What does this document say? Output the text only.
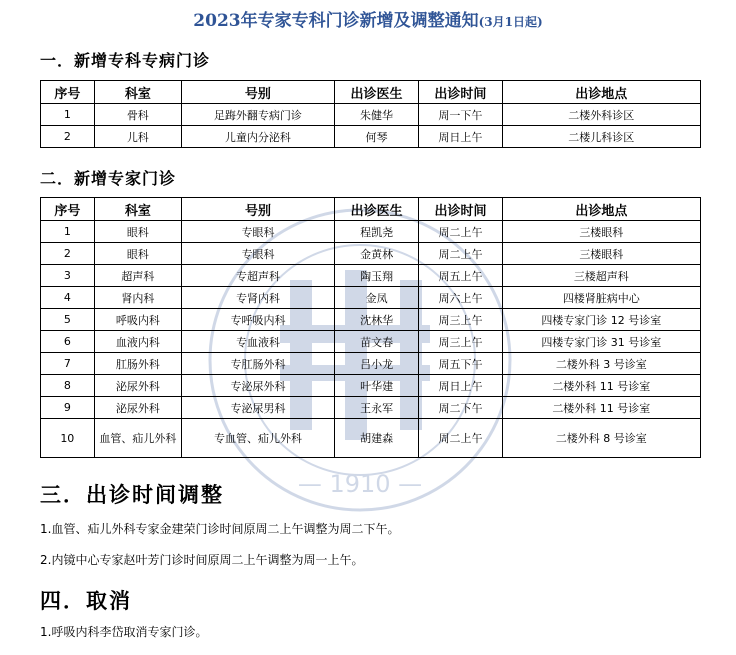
— 1910 —
2023年专家专科门诊新增及调整通知(3月1日起)
一．新增专科专病门诊
序号	科室	号别	出诊医生	出诊时间	出诊地点
1	骨科	足踇外翻专病门诊	朱健华	周一下午	二楼外科诊区
2	儿科	儿童内分泌科	何琴	周日上午	二楼儿科诊区
二．新增专家门诊
序号	科室	号别	出诊医生	出诊时间	出诊地点
1	眼科	专眼科	程凯尧	周二上午	三楼眼科
2	眼科	专眼科	金黄林	周二上午	三楼眼科
3	超声科	专超声科	陶玉翔	周五上午	三楼超声科
4	肾内科	专肾内科	金凤	周六上午	四楼肾脏病中心
5	呼吸内科	专呼吸内科	沈林华	周三上午	四楼专家门诊 12 号诊室
6	血液内科	专血液科	苗文春	周三上午	四楼专家门诊 31 号诊室
7	肛肠外科	专肛肠外科	吕小龙	周五下午	二楼外科 3 号诊室
8	泌尿外科	专泌尿外科	叶华建	周日上午	二楼外科 11 号诊室
9	泌尿外科	专泌尿男科	王永军	周二下午	二楼外科 11 号诊室
10	血管、疝儿外科	专血管、疝儿外科	胡建森	周二上午	二楼外科 8 号诊室
三．出诊时间调整
1.血管、疝儿外科专家金建荣门诊时间原周二上午调整为周二下午。
2.内镜中心专家赵叶芳门诊时间原周二上午调整为周一上午。
四．取消
1.呼吸内科李岱取消专家门诊。
